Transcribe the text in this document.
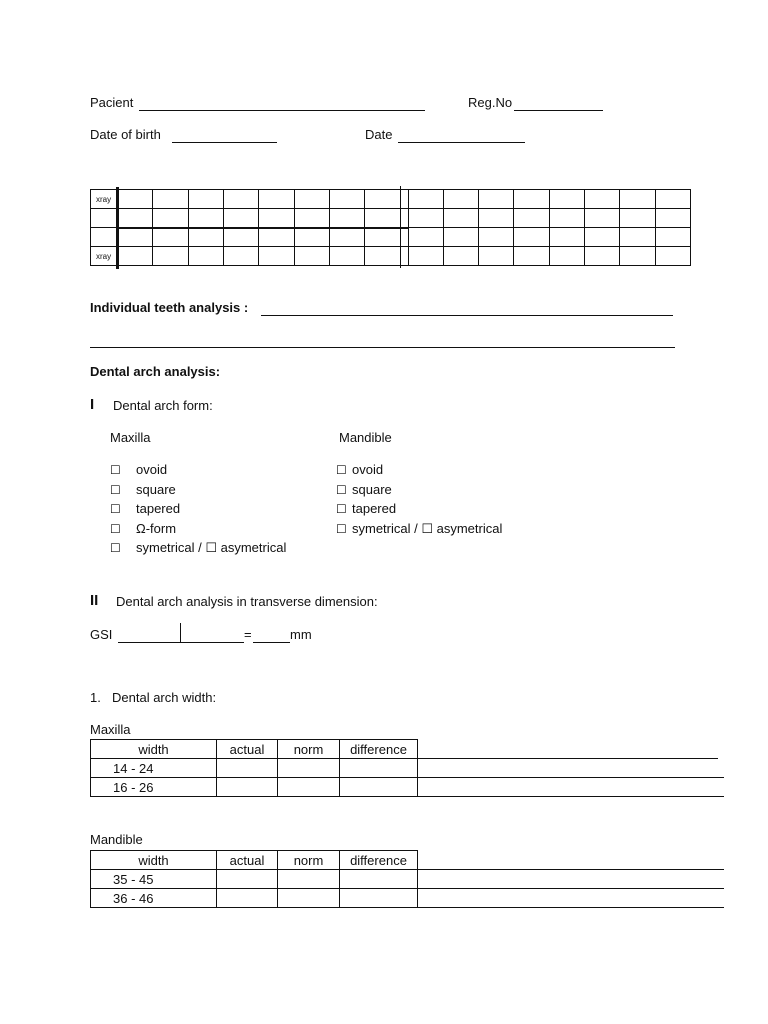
Pacient	Reg.No
Date of birth	Date
xray																	

xray																	
Individual teeth analysis :
Dental arch analysis:
I Dental arch form:
Maxilla	Mandible
☐ ovoid
☐ square
☐ tapered
☐ Ω-form
☐ symetrical / ☐ asymetrical
☐ ovoid
☐ square
☐ tapered
☐ symetrical / ☐ asymetrical
II Dental arch analysis in transverse dimension:
GSI	=	mm
1. Dental arch width:
Maxilla
width	actual	norm	difference
14 - 24			
16 - 26			
Mandible
width	actual	norm	difference
35 - 45			
36 - 46			
